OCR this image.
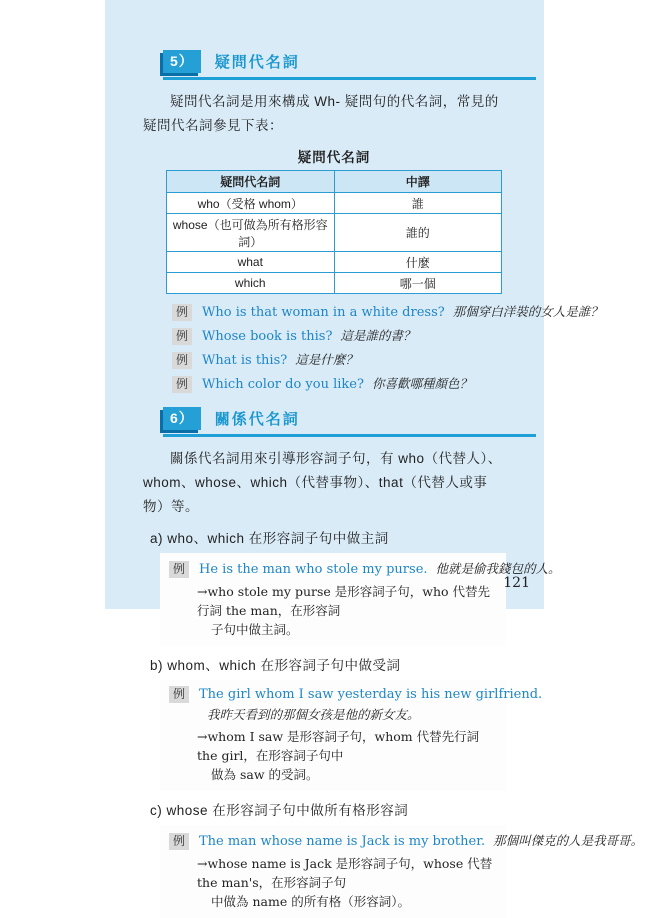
5）	疑問代名詞

疑問代名詞是用來構成 Wh- 疑問句的代名詞，常見的疑問代名詞參見下表：

疑問代名詞
疑問代名詞	中譯
who（受格 whom）	誰
whose（也可做為所有格形容詞）	誰的
what	什麼
which	哪一個
例	Who is that woman in a white dress? 那個穿白洋裝的女人是誰？
例	Whose book is this? 這是誰的書？
例	What is this? 這是什麼？
例	Which color do you like? 你喜歡哪種顏色？
6）	關係代名詞

關係代名詞用來引導形容詞子句，有 who（代替人）、whom、whose、which（代替事物）、that（代替人或事物）等。

a) who、which 在形容詞子句中做主詞
例	He is the man who stole my purse. 他就是偷我錢包的人。
→who stole my purse 是形容詞子句，who 代替先行詞 the man，在形容詞
子句中做主詞。
b) whom、which 在形容詞子句中做受詞
例	The girl whom I saw yesterday is his new girlfriend.
我昨天看到的那個女孩是他的新女友。
→whom I saw 是形容詞子句，whom 代替先行詞 the girl，在形容詞子句中
做為 saw 的受詞。
c) whose 在形容詞子句中做所有格形容詞
例	The man whose name is Jack is my brother. 那個叫傑克的人是我哥哥。
→whose name is Jack 是形容詞子句，whose 代替 the man's，在形容詞子句
中做為 name 的所有格（形容詞）。
121
